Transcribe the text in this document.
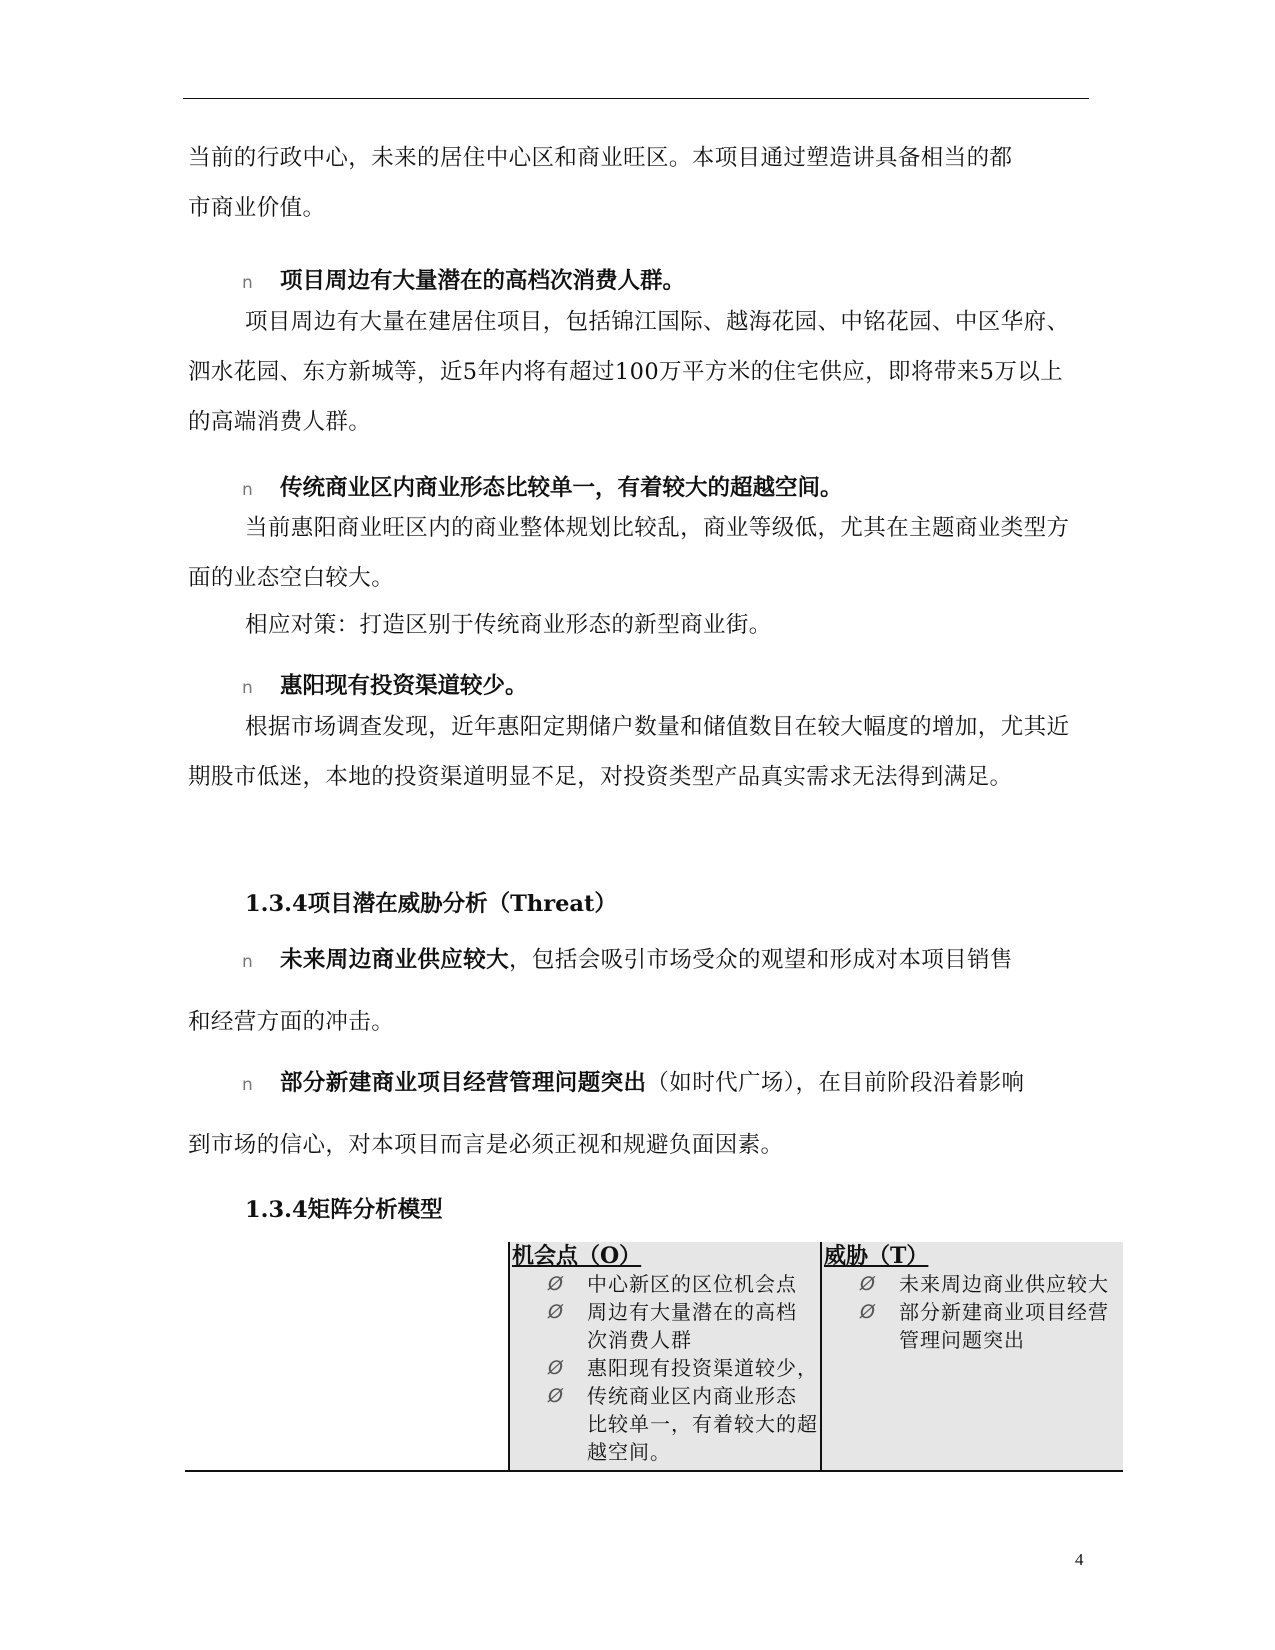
当前的行政中心，未来的居住中心区和商业旺区。本项目通过塑造讲具备相当的都
市商业价值。

n 项目周边有大量潜在的高档次消费人群。

项目周边有大量在建居住项目，包括锦江国际、越海花园、中铭花园、中区华府、泗水花园、东方新城等，近5年内将有超过100万平方米的住宅供应，即将带来5万以上的高端消费人群。

n 传统商业区内商业形态比较单一，有着较大的超越空间。

当前惠阳商业旺区内的商业整体规划比较乱，商业等级低，尤其在主题商业类型方面的业态空白较大。

相应对策：打造区别于传统商业形态的新型商业街。

n 惠阳现有投资渠道较少。

根据市场调查发现，近年惠阳定期储户数量和储值数目在较大幅度的增加，尤其近期股市低迷，本地的投资渠道明显不足，对投资类型产品真实需求无法得到满足。

1.3.4项目潜在威胁分析（Threat）

n 未来周边商业供应较大，包括会吸引市场受众的观望和形成对本项目销售

和经营方面的冲击。

n 部分新建商业项目经营管理问题突出（如时代广场），在目前阶段沿着影响

到市场的信心，对本项目而言是必须正视和规避负面因素。

1.3.4矩阵分析模型

机会点（O）

Ø 中心新区的区位机会点
Ø 周边有大量潜在的高档
次消费人群
Ø 惠阳现有投资渠道较少，
Ø 传统商业区内商业形态
比较单一，有着较大的超
越空间。

威胁（T）

Ø 未来周边商业供应较大
Ø 部分新建商业项目经营
管理问题突出
4
